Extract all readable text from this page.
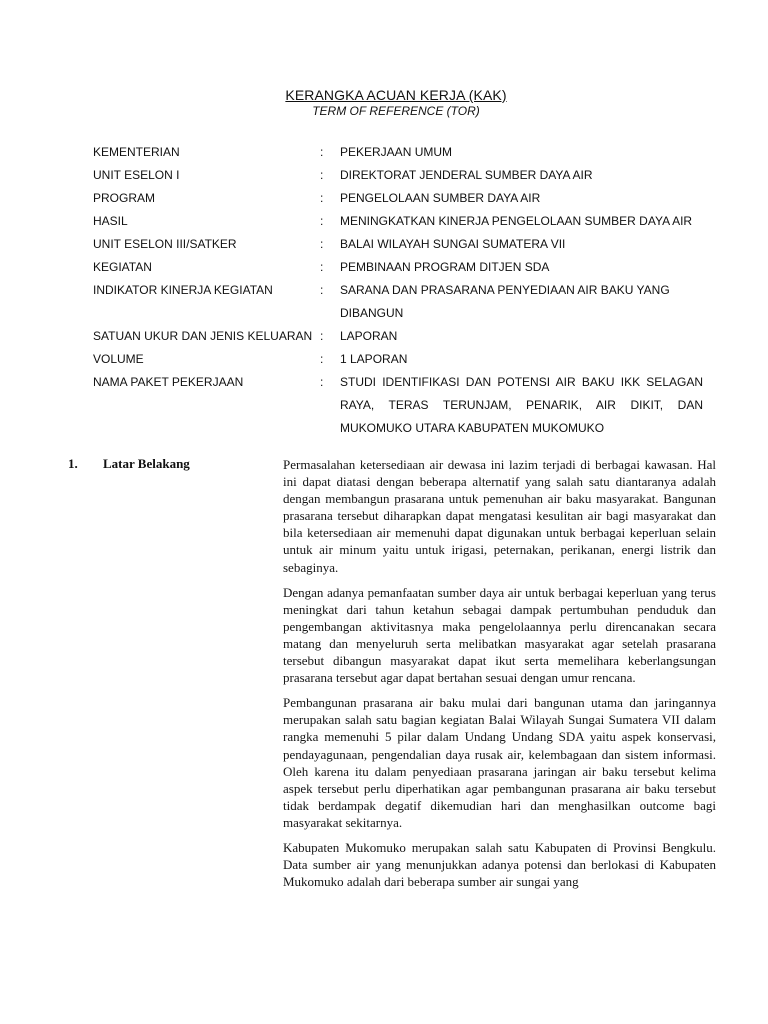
KERANGKA ACUAN KERJA (KAK)
TERM OF REFERENCE (TOR)
KEMENTERIAN	:	PEKERJAAN UMUM
UNIT ESELON I	:	DIREKTORAT JENDERAL SUMBER DAYA AIR
PROGRAM	:	PENGELOLAAN SUMBER DAYA AIR
HASIL	:	MENINGKATKAN KINERJA PENGELOLAAN SUMBER DAYA AIR
UNIT ESELON III/SATKER	:	BALAI WILAYAH SUNGAI SUMATERA VII
KEGIATAN	:	PEMBINAAN PROGRAM DITJEN SDA
INDIKATOR KINERJA KEGIATAN	:	SARANA DAN PRASARANA PENYEDIAAN AIR BAKU YANG DIBANGUN
SATUAN UKUR DAN JENIS KELUARAN :	LAPORAN
VOLUME	:	1 LAPORAN
NAMA PAKET PEKERJAAN	:	STUDI IDENTIFIKASI DAN POTENSI AIR BAKU IKK SELAGAN RAYA, TERAS TERUNJAM, PENARIK, AIR DIKIT, DAN MUKOMUKO UTARA KABUPATEN MUKOMUKO
1.	Latar Belakang	Permasalahan ketersediaan air dewasa ini lazim terjadi di berbagai kawasan. Hal ini dapat diatasi dengan beberapa alternatif yang salah satu diantaranya adalah dengan membangun prasarana untuk pemenuhan air baku masyarakat. Bangunan prasarana tersebut diharapkan dapat mengatasi kesulitan air bagi masyarakat dan bila ketersediaan air memenuhi dapat digunakan untuk berbagai keperluan selain untuk air minum yaitu untuk irigasi, peternakan, perikanan, energi listrik dan sebaginya.

Dengan adanya pemanfaatan sumber daya air untuk berbagai keperluan yang terus meningkat dari tahun ketahun sebagai dampak pertumbuhan penduduk dan pengembangan aktivitasnya maka pengelolaannya perlu direncanakan secara matang dan menyeluruh serta melibatkan masyarakat agar setelah prasarana tersebut dibangun masyarakat dapat ikut serta memelihara keberlangsungan prasarana tersebut agar dapat bertahan sesuai dengan umur rencana.

Pembangunan prasarana air baku mulai dari bangunan utama dan jaringannya merupakan salah satu bagian kegiatan Balai Wilayah Sungai Sumatera VII dalam rangka memenuhi 5 pilar dalam Undang Undang SDA yaitu aspek konservasi, pendayagunaan, pengendalian daya rusak air, kelembagaan dan sistem informasi. Oleh karena itu dalam penyediaan prasarana jaringan air baku tersebut kelima aspek tersebut perlu diperhatikan agar pembangunan prasarana air baku tersebut tidak berdampak degatif dikemudian hari dan menghasilkan outcome bagi masyarakat sekitarnya.

Kabupaten Mukomuko merupakan salah satu Kabupaten di Provinsi Bengkulu. Data sumber air yang menunjukkan adanya potensi dan berlokasi di Kabupaten Mukomuko adalah dari beberapa sumber air sungai yang
